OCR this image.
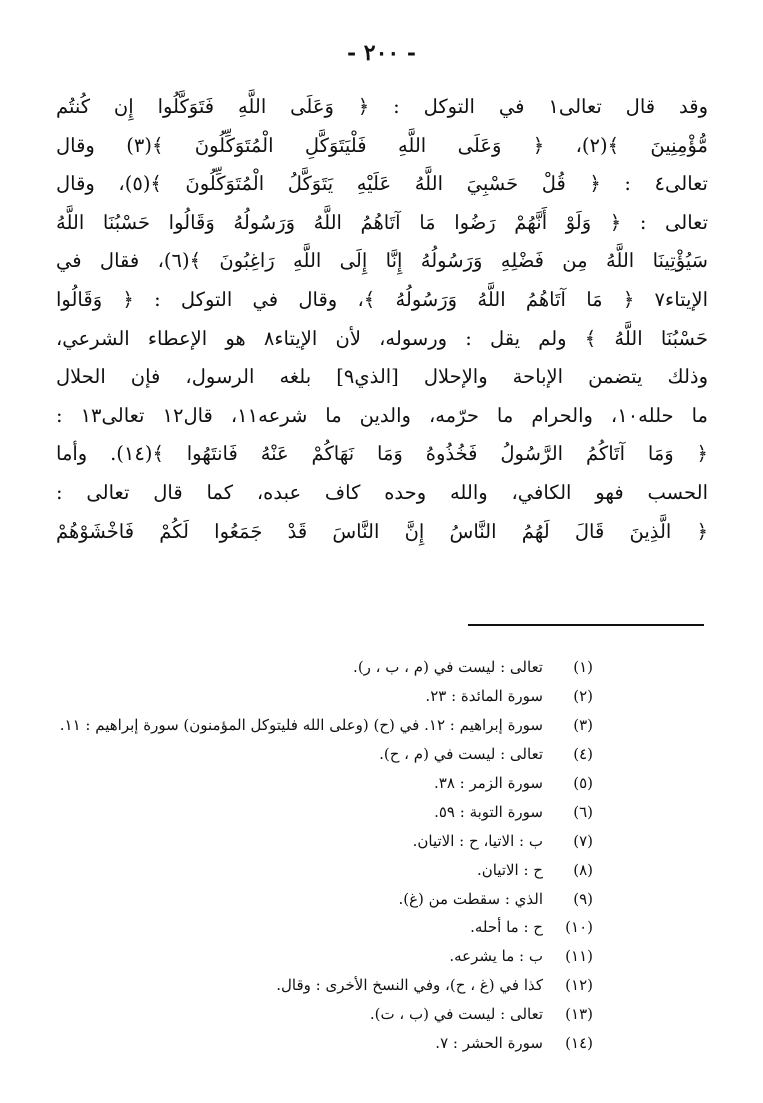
- ٢٠٠ -
وقد قال تعالى١ في التوكل : ﴿ وَعَلَى اللَّهِ فَتَوَكَّلُوا إِن كُنتُم
مُّؤْمِنِينَ ﴾(٢)، ﴿ وَعَلَى اللَّهِ فَلْيَتَوَكَّلِ الْمُتَوَكِّلُونَ ﴾(٣) وقال
تعالى٤ : ﴿ قُلْ حَسْبِيَ اللَّهُ عَلَيْهِ يَتَوَكَّلُ الْمُتَوَكِّلُونَ ﴾(٥)، وقال
تعالى : ﴿ وَلَوْ أَنَّهُمْ رَضُوا مَا آتَاهُمُ اللَّهُ وَرَسُولُهُ وَقَالُوا حَسْبُنَا اللَّهُ
سَيُؤْتِينَا اللَّهُ مِن فَضْلِهِ وَرَسُولُهُ إِنَّا إِلَى اللَّهِ رَاغِبُونَ ﴾(٦)، فقال في
الإيتاء٧ ﴿ مَا آتَاهُمُ اللَّهُ وَرَسُولُهُ ﴾، وقال في التوكل : ﴿ وَقَالُوا
حَسْبُنَا اللَّهُ ﴾ ولم يقل : ورسوله، لأن الإيتاء٨ هو الإعطاء الشرعي،
وذلك يتضمن الإباحة والإحلال [الذي٩] بلغه الرسول، فإن الحلال
ما حلله١٠، والحرام ما حرّمه، والدين ما شرعه١١، قال١٢ تعالى١٣ :
﴿ وَمَا آتَاكُمُ الرَّسُولُ فَخُذُوهُ وَمَا نَهَاكُمْ عَنْهُ فَانتَهُوا ﴾(١٤). وأما
الحسب فهو الكافي، والله وحده كاف عبده، كما قال تعالى :
﴿ الَّذِينَ قَالَ لَهُمُ النَّاسُ إِنَّ النَّاسَ قَدْ جَمَعُوا لَكُمْ فَاخْشَوْهُمْ
(١)
تعالى : ليست في (م ، ب ، ر).
(٢)
سورة المائدة : ٢٣.
(٣)
سورة إبراهيم : ١٢. في (ح) (وعلى الله فليتوكل المؤمنون) سورة إبراهيم : ١١.
(٤)
تعالى : ليست في (م ، ح).
(٥)
سورة الزمر : ٣٨.
(٦)
سورة التوبة : ٥٩.
(٧)
ب : الاتيا، ح : الاتيان.
(٨)
ح : الاتيان.
(٩)
الذي : سقطت من (غ).
(١٠)
ح : ما أحله.
(١١)
ب : ما يشرعه.
(١٢)
كذا في (غ ، ح)، وفي النسخ الأخرى : وقال.
(١٣)
تعالى : ليست في (ب ، ت).
(١٤)
سورة الحشر : ٧.
